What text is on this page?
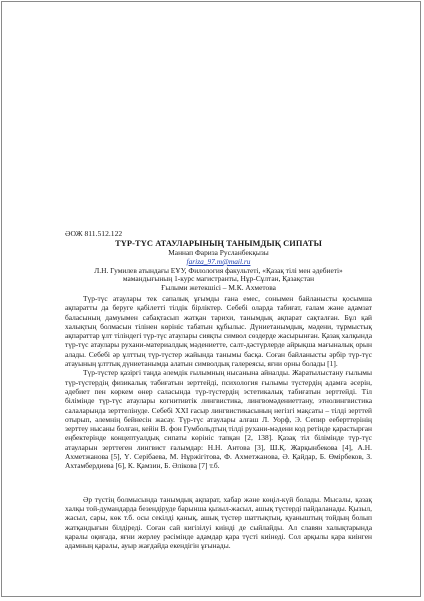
ӘОЖ 811.512.122

ТҮР-ТҮС АТАУЛАРЫНЫҢ ТАНЫМДЫҚ СИПАТЫ

Маннап Фариза Русланбекқызы

fariza_97.m@mail.ru

Л.Н. Гумилев атындағы ЕҰУ, Филология факультеті, «Қазақ тілі мен әдебиеті»

мамандығының 1-курс магистранты, Нұр-Сұлтан, Қазақстан

Ғылыми жетекшісі – М.К. Ахметова

Түр-түс атаулары тек сапалық ұғымды ғана емес, сонымен байланысты қосымша ақпаратты да беруге қабілетті тілдік бірліктер. Себебі оларда табиғат, ғалам және адамзат баласының дамуымен сабақтасып жатқан тарихи, танымдық ақпарат сақталған. Бұл қай халықтың болмасын тілінен көрініс табатын құбылыс. Дүниетанымдық, мәдени, тұрмыстық ақпараттар ұлт тіліндегі түр-түс атаулары сияқты символ сөздерде жасырынған. Қазақ халқында түр-түс атаулары рухани-материалдық мәдениетте, салт-дәстүрлерде айрықша мағыналық орын алады. Себебі әр ұлттың түр-түстер жайында танымы басқа. Соған байланысты әрбір түр-түс атауының ұлттық дүниетанымда алатын символдық галереясы, яғни орны болады [1].

Түр-түстер қазіргі таңда әлемдік ғылымның нысанына айналды. Жаратылыстану ғылымы түр-түстердің физикалық табиғатын зерттейді, психология ғылымы түстердің адамға әсерін, әдебиет пен көркем өнер саласында түр-түстердің эстетикалық табиғатын зерттейді. Тіл білімінде түр-түс атаулары когнитивтік лингвистика, лингвомәдениеттану, этнолингвистика салаларында зерттелінуде. Себебі XXI ғасыр лингвистикасының негізгі мақсаты – тілді зерттей отырып, әлемнің бейнесін жасау. Түр-түс атаулары алғаш Л. Уорф, Э. Сепир ееберттерінің зерттеу нысаны болған, кейін В. фон Гумбольдтың тілді рухани-мәдени код ретінде қарастырған еңбектерінде концептуалдық сипаты көрініс тапқан [2, 138]. Қазақ тіл білімінде түр-түс атауларын зерттеген лингвист ғалымдар: Н.Н. Антова [3], Ш.Қ. Жарқынбекова [4], А.Н. Ахметжанова [5], Ү. Серібаева, М. Нұржігітова, Ф. Ахметжанова, Ә. Қайдар, Б. Өмірбеков, З. Ахтамбердиева [6], К. Қамзин, Б. Әлікова [7] т.б.

Әр түстің болмысында танымдық ақпарат, хабар және көңіл-күй болады. Мысалы, қазақ халқы той-думандарда безендіруде барынша қызыл-жасыл, ашық түстерді пайдаланады. Қызыл, жасыл, сары, көк т.б. осы секілді қанық, ашық түстер шаттықтың, қуаныштың тойдың болып жатқандығын білдіреді. Соған сай кигізілуі киінді де сыйлайды. Ал славян халықтарында қаралы оқиғада, яғни жерлеу рәсімінде адамдар қара түсті киінеді. Сол арқылы қара киінген адамның қаралы, ауыр жағдайда екендігін ұғынады.
